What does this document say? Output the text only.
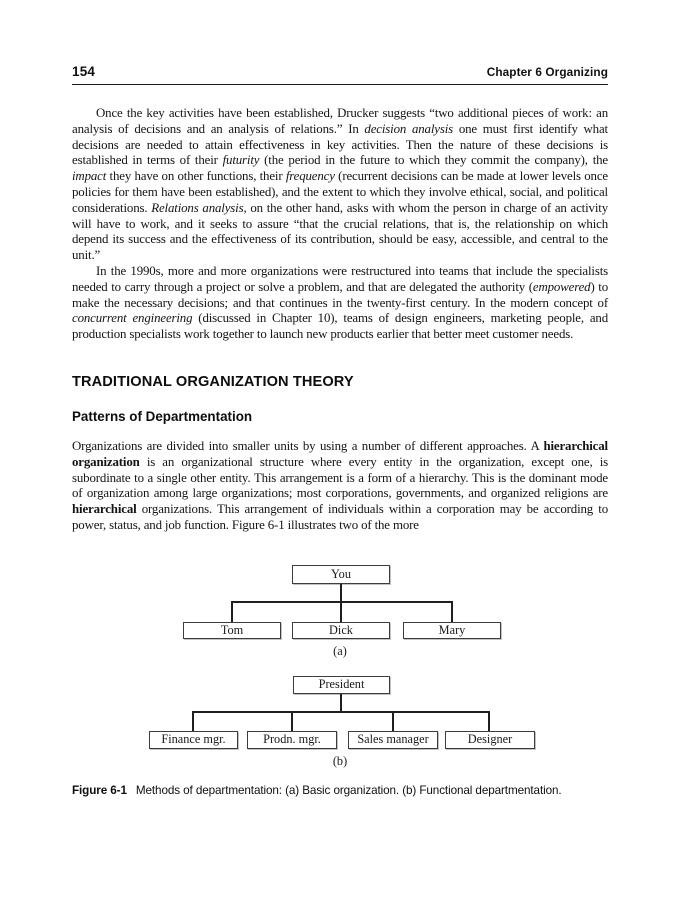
154	Chapter 6 Organizing

Once the key activities have been established, Drucker suggests “two additional pieces of work: an analysis of decisions and an analysis of relations.” In decision analysis one must first identify what decisions are needed to attain effectiveness in key activities. Then the nature of these decisions is established in terms of their futurity (the period in the future to which they commit the company), the impact they have on other functions, their frequency (recurrent decisions can be made at lower levels once policies for them have been established), and the extent to which they involve ethical, social, and political considerations. Relations analysis, on the other hand, asks with whom the person in charge of an activity will have to work, and it seeks to assure “that the crucial relations, that is, the relationship on which depend its success and the effectiveness of its contribution, should be easy, accessible, and central to the unit.”

In the 1990s, more and more organizations were restructured into teams that include the specialists needed to carry through a project or solve a problem, and that are delegated the authority (empowered) to make the necessary decisions; and that continues in the twenty-first century. In the modern concept of concurrent engineering (discussed in Chapter 10), teams of design engineers, marketing people, and production specialists work together to launch new products earlier that better meet customer needs.

TRADITIONAL ORGANIZATION THEORY
Patterns of Departmentation

Organizations are divided into smaller units by using a number of different approaches. A hierarchical organization is an organizational structure where every entity in the organization, except one, is subordinate to a single other entity. This arrangement is a form of a hierarchy. This is the dominant mode of organization among large organizations; most corporations, governments, and organized religions are hierarchical organizations. This arrangement of individuals within a corporation may be according to power, status, and job function. Figure 6-1 illustrates two of the more

You
Tom	Dick	Mary
(a)
President
Finance mgr.	Prodn. mgr.	Sales manager	Designer
(b)
Figure 6-1 Methods of departmentation: (a) Basic organization. (b) Functional departmentation.
